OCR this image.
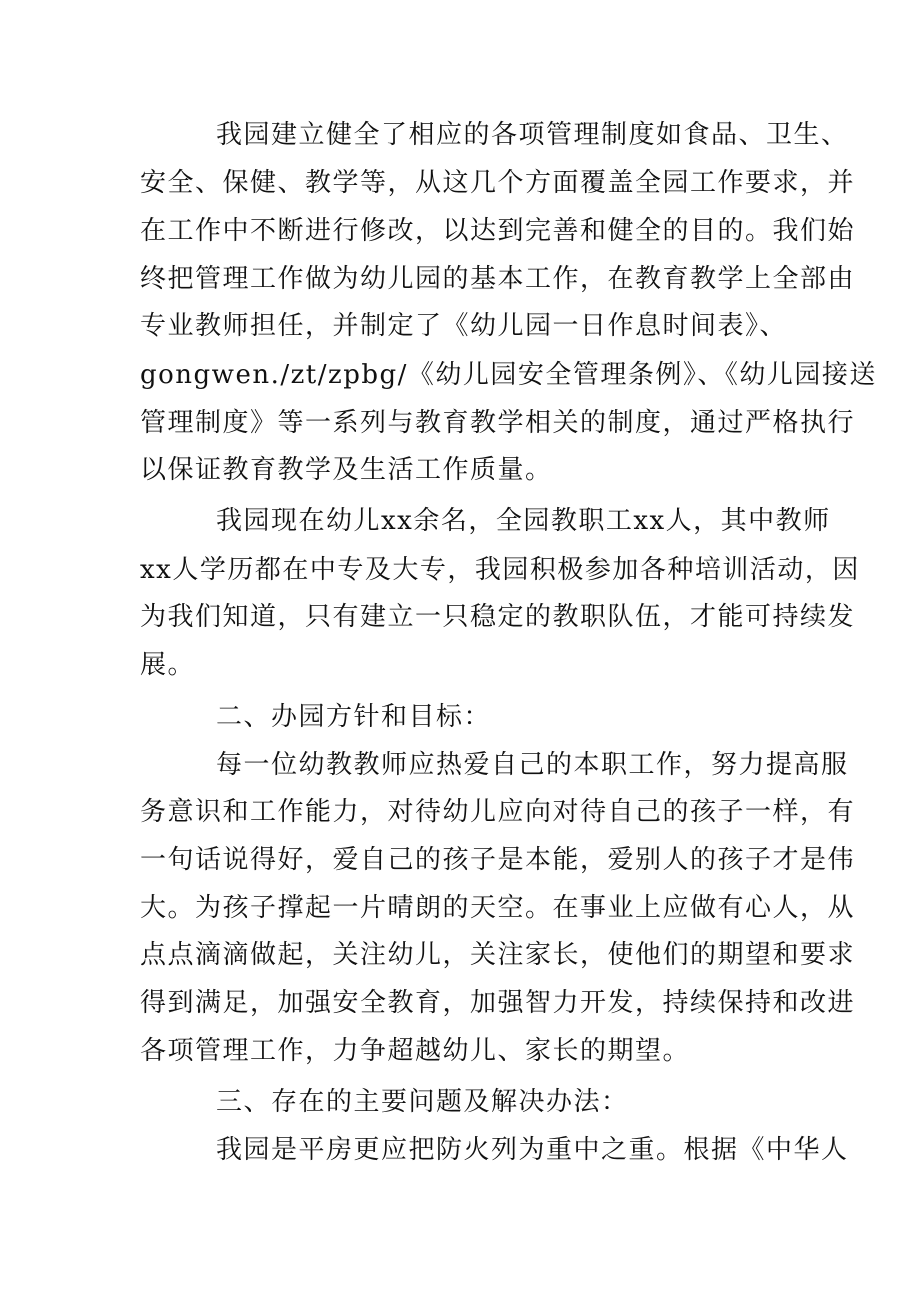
我园建立健全了相应的各项管理制度如食品、卫生、
安全、保健、教学等，从这几个方面覆盖全园工作要求，并
在工作中不断进行修改，以达到完善和健全的目的。我们始
终把管理工作做为幼儿园的基本工作，在教育教学上全部由
专业教师担任，并制定了《幼儿园一日作息时间表》、
gongwen./zt/zpbg/《幼儿园安全管理条例》、《幼儿园接送
管理制度》等一系列与教育教学相关的制度，通过严格执行
以保证教育教学及生活工作质量。
我园现在幼儿xx余名，全园教职工xx人，其中教师
xx人学历都在中专及大专，我园积极参加各种培训活动，因
为我们知道，只有建立一只稳定的教职队伍，才能可持续发
展。
二、办园方针和目标：
每一位幼教教师应热爱自己的本职工作，努力提高服
务意识和工作能力，对待幼儿应向对待自己的孩子一样，有
一句话说得好，爱自己的孩子是本能，爱别人的孩子才是伟
大。为孩子撑起一片晴朗的天空。在事业上应做有心人，从
点点滴滴做起，关注幼儿，关注家长，使他们的期望和要求
得到满足，加强安全教育，加强智力开发，持续保持和改进
各项管理工作，力争超越幼儿、家长的期望。
三、存在的主要问题及解决办法：
我园是平房更应把防火列为重中之重。根据《中华人
